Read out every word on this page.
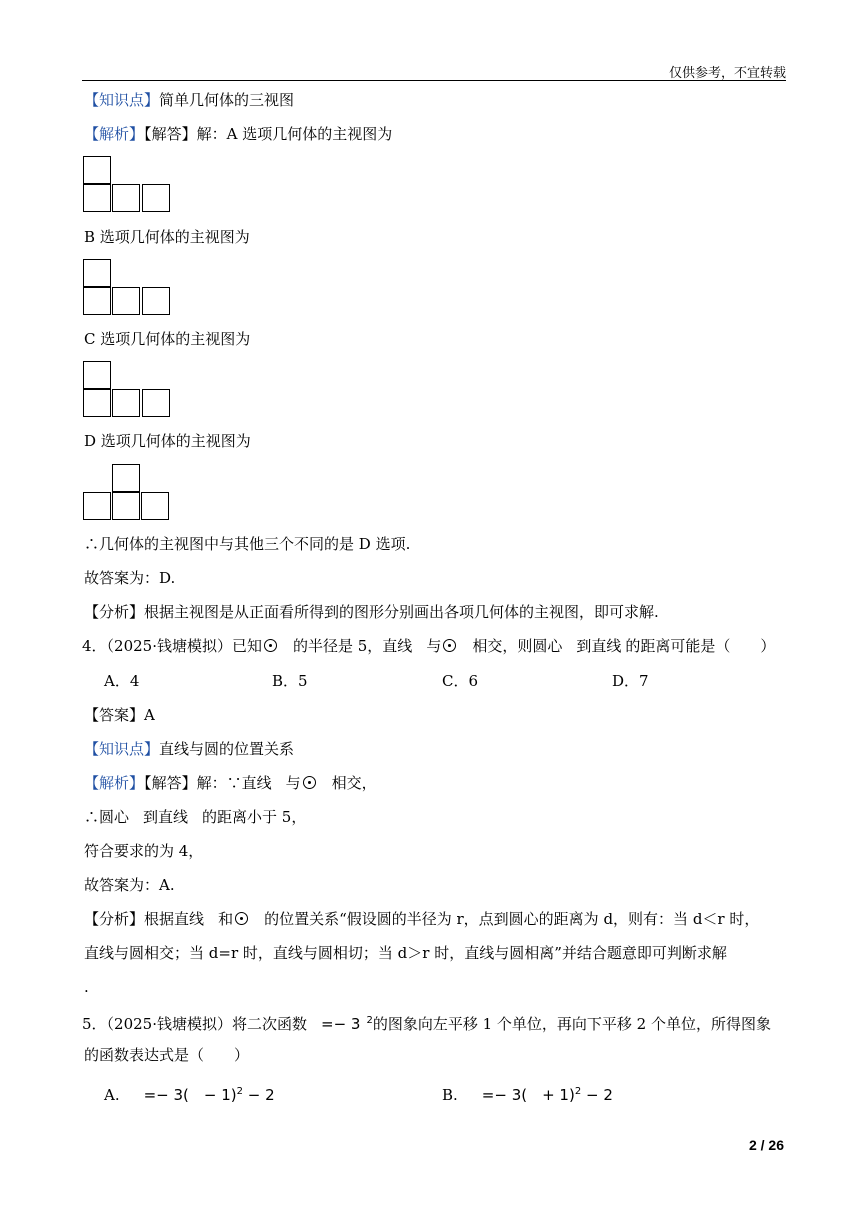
仅供参考，不宜转载
【知识点】简单几何体的三视图
【解析】【解答】解：A 选项几何体的主视图为
B 选项几何体的主视图为
C 选项几何体的主视图为
D 选项几何体的主视图为
∴几何体的主视图中与其他三个不同的是 D 选项.
故答案为：D.
【分析】根据主视图是从正面看所得到的图形分别画出各项几何体的主视图，即可求解.
4．（2025·钱塘模拟）已知 的半径是 5，直线 与 相交，则圆心 到直线 的距离可能是（　　）
A．4	B．5	C．6	D．7
【答案】A
【知识点】直线与圆的位置关系
【解析】【解答】解：∵直线 与 相交，
∴圆心 到直线 的距离小于 5，
符合要求的为 4，
故答案为：A.
【分析】根据直线 和 的位置关系“假设圆的半径为 r，点到圆心的距离为 d，则有：当 d＜r 时，
直线与圆相交；当 d=r 时，直线与圆相切；当 d＞r 时，直线与圆相离”并结合题意即可判断求解
.
5．（2025·钱塘模拟）将二次函数 =− 3 $^2$的图象向左平移 1 个单位，再向下平移 2 个单位，所得图象
的函数表达式是（　　）
A. =− 3(　− 1)$^2$ − 2	B. =− 3(　+ 1)$^2$ − 2
2 / 26
